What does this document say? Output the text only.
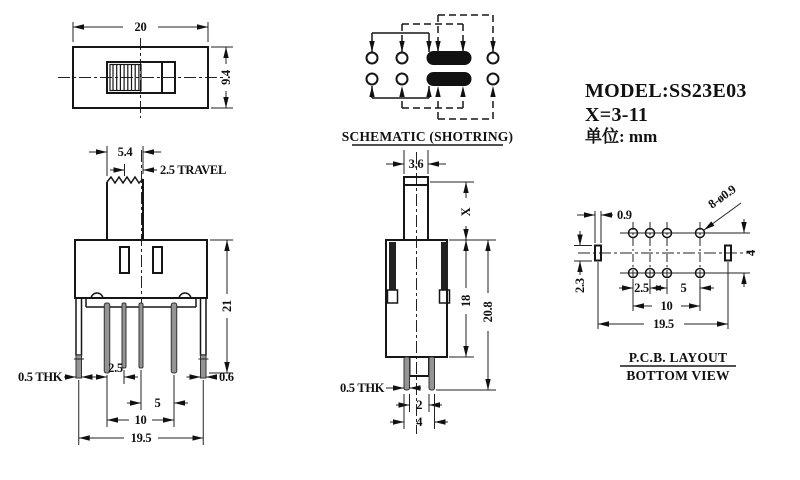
20
9.4
SCHEMATIC (SHOTRING)
MODEL:SS23E03
X=3-11
单位: mm
5.4
2.5 TRAVEL
21
0.5 THK
2.5
0.6
5
10
19.5
3.6
X
18
20.8
0.5 THK
2
4
8-ø0.9
0.9
2.3
4
2.5	5
10
19.5
P.C.B. LAYOUT
BOTTOM VIEW
